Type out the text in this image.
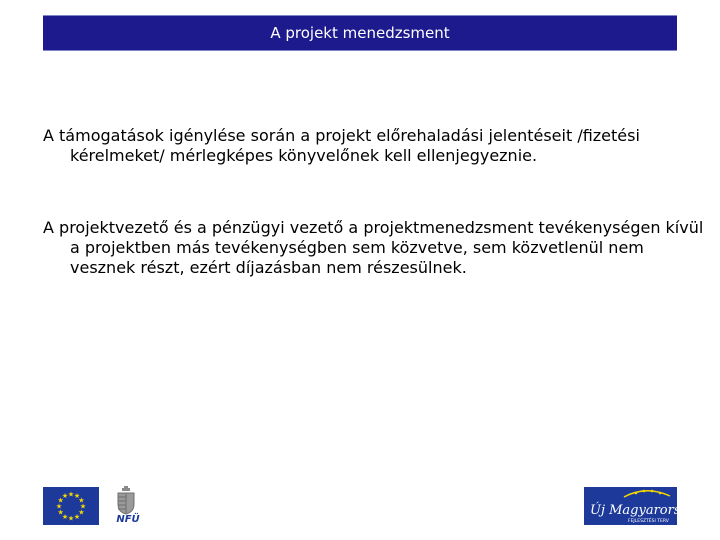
A projekt menedzsment

A támogatások igénylése során a projekt előrehaladási jelentéseit /fizetési kérelmeket/ mérlegképes könyvelőnek kell ellenjegyeznie.

A projektvezető és a pénzügyi vezető a projektmenedzsment tevékenységen kívül a projektben más tevékenységben sem közvetve, sem közvetlenül nem vesznek részt, ezért díjazásban nem részesülnek.

★
★
★
★
★
★
★
★
★ ★ ★
★
NFÜ
Új Magyarország
FEJLESZTÉSI TERV
